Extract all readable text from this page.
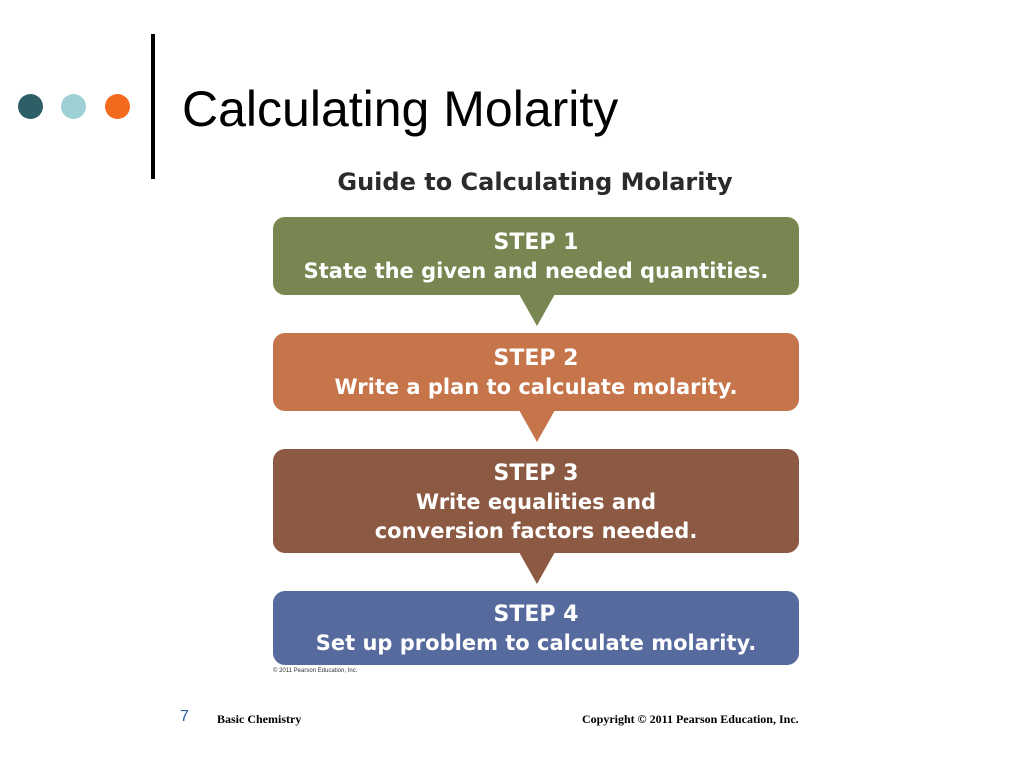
Calculating Molarity
Guide to Calculating Molarity
STEP 1
State the given and needed quantities.
STEP 2
Write a plan to calculate molarity.
STEP 3
Write equalities and
conversion factors needed.
STEP 4
Set up problem to calculate molarity.
© 2011 Pearson Education, Inc.
7 Basic Chemistry	Copyright © 2011 Pearson Education, Inc.
